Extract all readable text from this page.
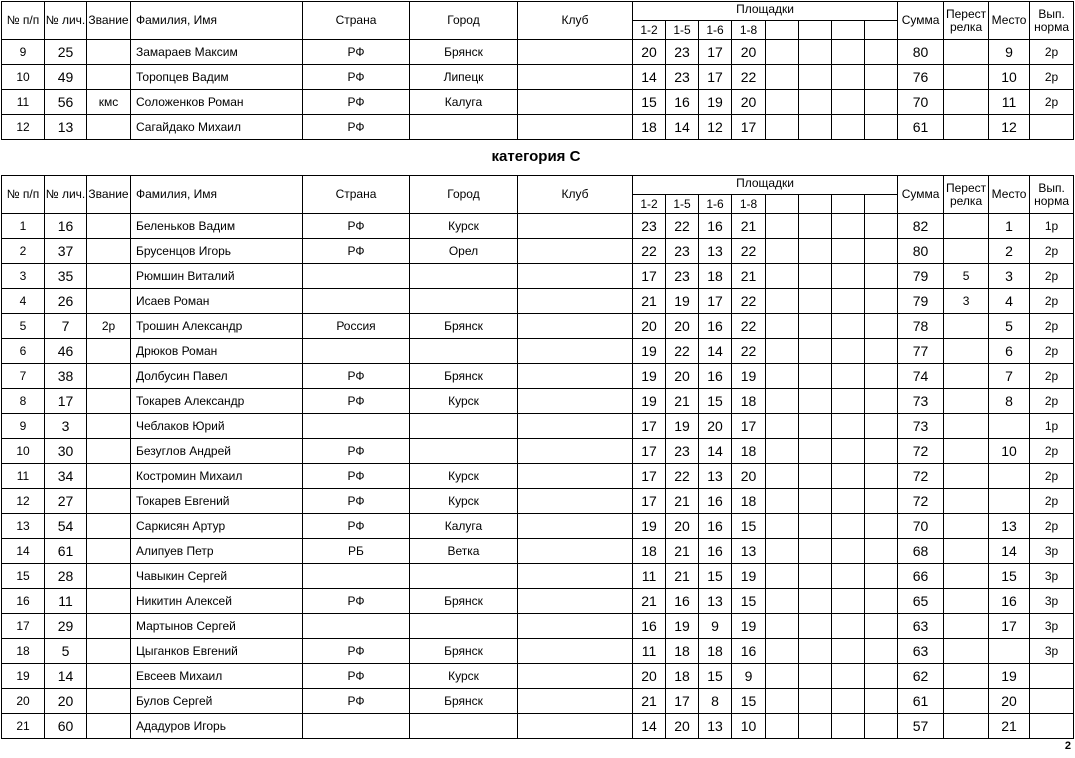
№ п/п	№ лич.	Звание	Фамилия, Имя	Страна	Город	Клуб	Площадки								Сумма	Перестрелка	Место	Вып. норма
							1-2	1-5	1-6	1-8								
9	25		Замараев Максим	РФ	Брянск		20	23	17	20					80		9	2р
10	49		Торопцев Вадим	РФ	Липецк		14	23	17	22					76		10	2р
11	56	кмс	Соложенков Роман	РФ	Калуга		15	16	19	20					70		11	2р
12	13		Сагайдако Михаил	РФ			18	14	12	17					61		12	
категория С
№ п/п	№ лич.	Звание	Фамилия, Имя	Страна	Город	Клуб	Площадки								Сумма	Перестрелка	Место	Вып. норма
							1-2	1-5	1-6	1-8								
1	16		Беленьков Вадим	РФ	Курск		23	22	16	21					82		1	1р
2	37		Брусенцов Игорь	РФ	Орел		22	23	13	22					80		2	2р
3	35		Рюмшин Виталий				17	23	18	21					79	5	3	2р
4	26		Исаев Роман				21	19	17	22					79	3	4	2р
5	7	2р	Трошин Александр	Россия	Брянск		20	20	16	22					78		5	2р
6	46		Дрюков Роман				19	22	14	22					77		6	2р
7	38		Долбусин Павел	РФ	Брянск		19	20	16	19					74		7	2р
8	17		Токарев Александр	РФ	Курск		19	21	15	18					73		8	2р
9	3		Чеблаков Юрий				17	19	20	17					73			1р
10	30		Безуглов Андрей	РФ			17	23	14	18					72		10	2р
11	34		Костромин Михаил	РФ	Курск		17	22	13	20					72			2р
12	27		Токарев Евгений	РФ	Курск		17	21	16	18					72			2р
13	54		Саркисян Артур	РФ	Калуга		19	20	16	15					70		13	2р
14	61		Алипуев Петр	РБ	Ветка		18	21	16	13					68		14	3р
15	28		Чавыкин Сергей				11	21	15	19					66		15	3р
16	11		Никитин Алексей	РФ	Брянск		21	16	13	15					65		16	3р
17	29		Мартынов Сергей				16	19	9	19					63		17	3р
18	5		Цыганков Евгений	РФ	Брянск		11	18	18	16					63			3р
19	14		Евсеев Михаил	РФ	Курск		20	18	15	9					62		19	
20	20		Булов Сергей	РФ	Брянск		21	17	8	15					61		20	
21	60		Ададуров Игорь				14	20	13	10					57		21	
2
